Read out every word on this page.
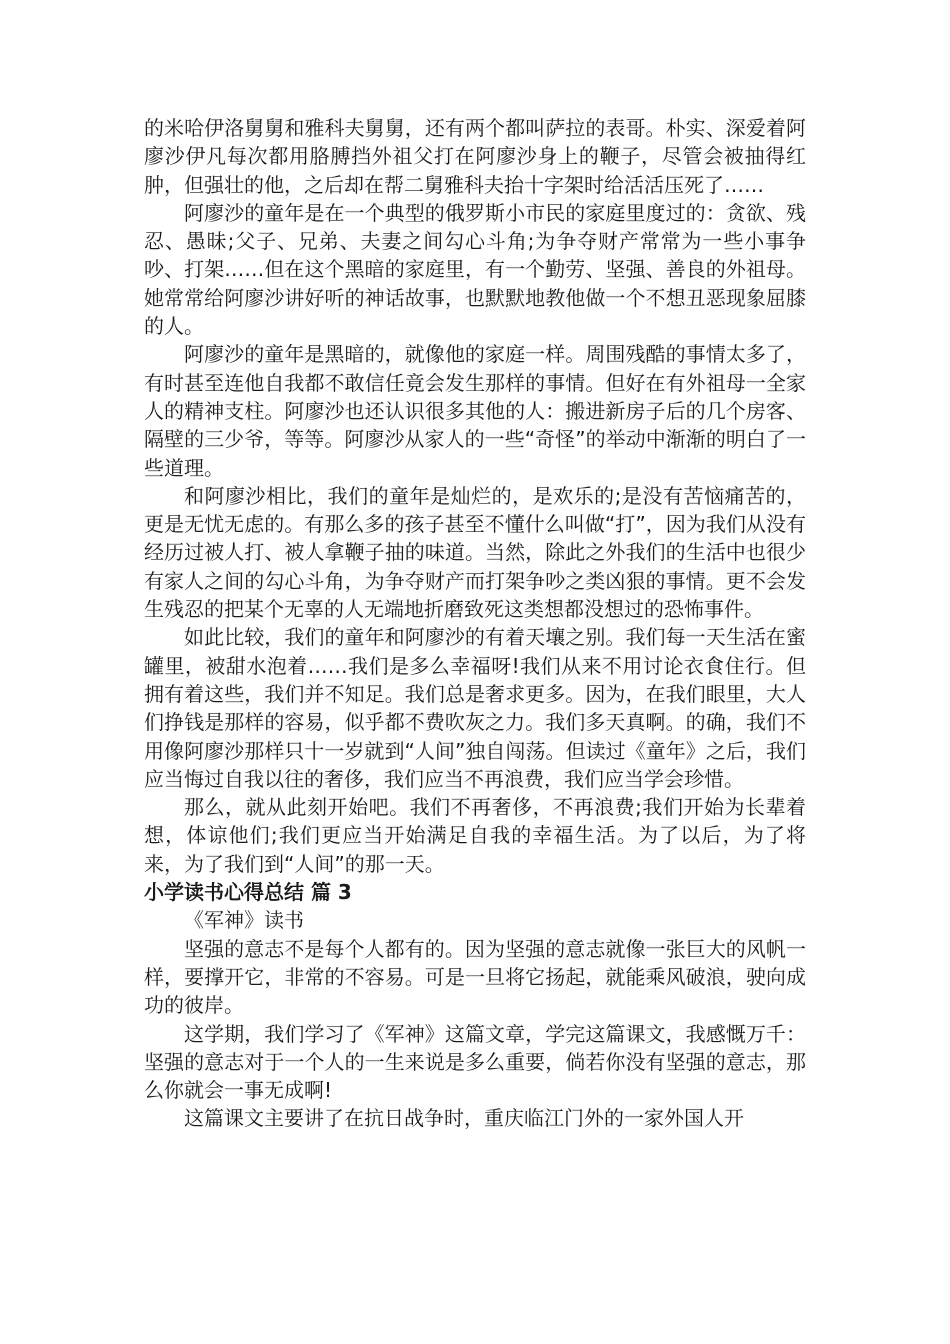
的米哈伊洛舅舅和雅科夫舅舅，还有两个都叫萨拉的表哥。朴实、深爱着阿廖沙伊凡每次都用胳膊挡外祖父打在阿廖沙身上的鞭子，尽管会被抽得红肿，但强壮的他，之后却在帮二舅雅科夫抬十字架时给活活压死了……

阿廖沙的童年是在一个典型的俄罗斯小市民的家庭里度过的：贪欲、残忍、愚昧;父子、兄弟、夫妻之间勾心斗角;为争夺财产常常为一些小事争吵、打架……但在这个黑暗的家庭里，有一个勤劳、坚强、善良的外祖母。她常常给阿廖沙讲好听的神话故事，也默默地教他做一个不想丑恶现象屈膝的人。

阿廖沙的童年是黑暗的，就像他的家庭一样。周围残酷的事情太多了，有时甚至连他自我都不敢信任竟会发生那样的事情。但好在有外祖母一全家人的精神支柱。阿廖沙也还认识很多其他的人：搬进新房子后的几个房客、隔壁的三少爷，等等。阿廖沙从家人的一些“奇怪”的举动中渐渐的明白了一些道理。

和阿廖沙相比，我们的童年是灿烂的，是欢乐的;是没有苦恼痛苦的，更是无忧无虑的。有那么多的孩子甚至不懂什么叫做“打”，因为我们从没有经历过被人打、被人拿鞭子抽的味道。当然，除此之外我们的生活中也很少有家人之间的勾心斗角，为争夺财产而打架争吵之类凶狠的事情。更不会发生残忍的把某个无辜的人无端地折磨致死这类想都没想过的恐怖事件。

如此比较，我们的童年和阿廖沙的有着天壤之别。我们每一天生活在蜜罐里，被甜水泡着……我们是多么幸福呀!我们从来不用讨论衣食住行。但拥有着这些，我们并不知足。我们总是奢求更多。因为，在我们眼里，大人们挣钱是那样的容易，似乎都不费吹灰之力。我们多天真啊。的确，我们不用像阿廖沙那样只十一岁就到“人间”独自闯荡。但读过《童年》之后，我们应当悔过自我以往的奢侈，我们应当不再浪费，我们应当学会珍惜。

那么，就从此刻开始吧。我们不再奢侈，不再浪费;我们开始为长辈着想，体谅他们;我们更应当开始满足自我的幸福生活。为了以后，为了将来，为了我们到“人间”的那一天。

小学读书心得总结 篇 3

《军神》读书

坚强的意志不是每个人都有的。因为坚强的意志就像一张巨大的风帆一样，要撑开它，非常的不容易。可是一旦将它扬起，就能乘风破浪，驶向成功的彼岸。

这学期，我们学习了《军神》这篇文章，学完这篇课文，我感慨万千：坚强的意志对于一个人的一生来说是多么重要，倘若你没有坚强的意志，那么你就会一事无成啊!

这篇课文主要讲了在抗日战争时，重庆临江门外的一家外国人开
